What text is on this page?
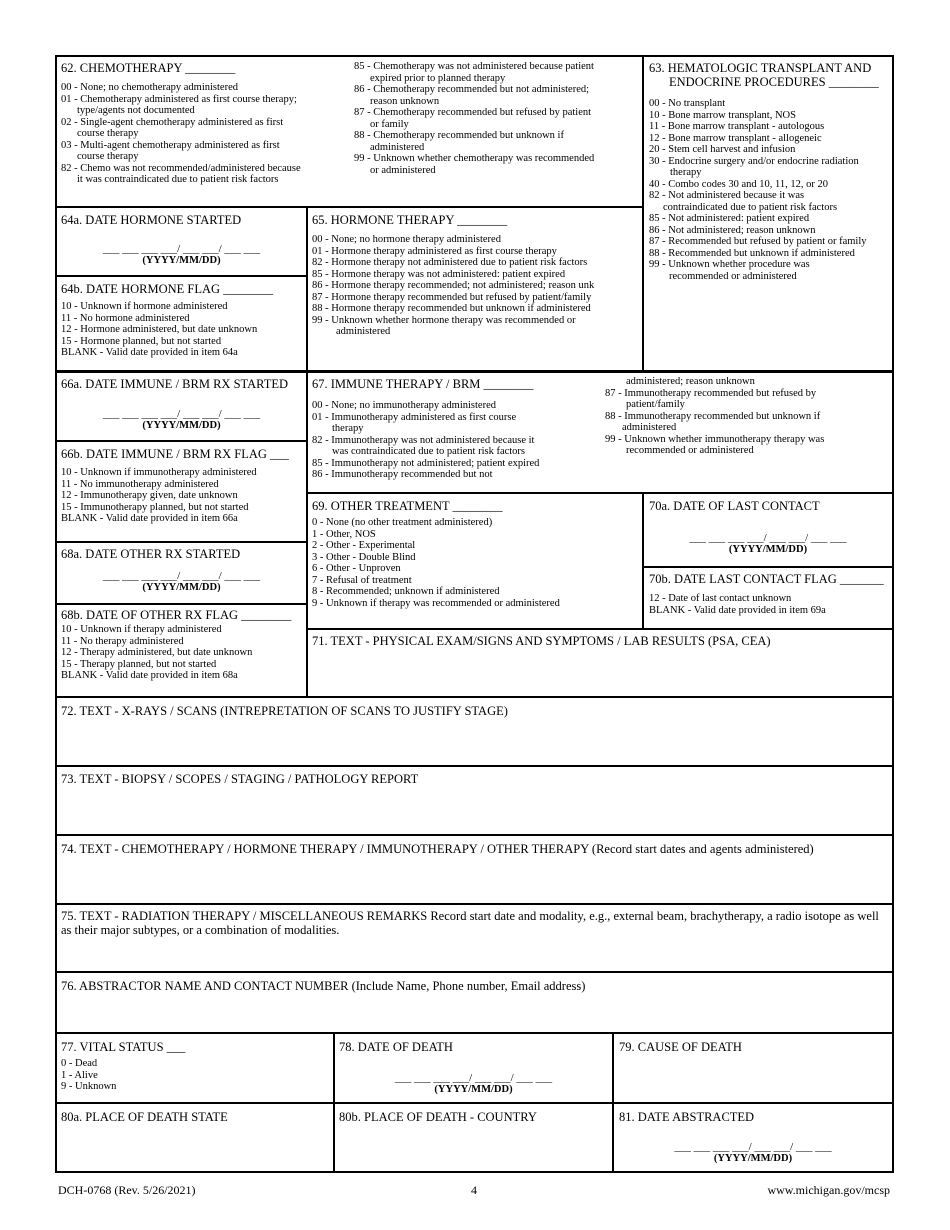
62. CHEMOTHERAPY ________
00 - None; no chemotherapy administered
01 - Chemotherapy administered as first course therapy;
type/agents not documented
02 - Single-agent chemotherapy administered as first
course therapy
03 - Multi-agent chemotherapy administered as first
course therapy
82 - Chemo was not recommended/administered because
it was contraindicated due to patient risk factors
85 - Chemotherapy was not administered because patient
expired prior to planned therapy
86 - Chemotherapy recommended but not administered;
reason unknown
87 - Chemotherapy recommended but refused by patient
or family
88 - Chemotherapy recommended but unknown if
administered
99 - Unknown whether chemotherapy was recommended
or administered
63. HEMATOLOGIC TRANSPLANT AND
ENDOCRINE PROCEDURES ________
00 - No transplant
10 - Bone marrow transplant, NOS
11 - Bone marrow transplant - autologous
12 - Bone marrow transplant - allogeneic
20 - Stem cell harvest and infusion
30 - Endocrine surgery and/or endocrine radiation
therapy
40 - Combo codes 30 and 10, 11, 12, or 20
82 - Not administered because it was
contraindicated due to patient risk factors
85 - Not administered: patient expired
86 - Not administered; reason unknown
87 - Recommended but refused by patient or family
88 - Recommended but unknown if administered
99 - Unknown whether procedure was
recommended or administered
64a. DATE HORMONE STARTED
___ ___ ___ ___/ ___ ___/ ___ ___
(YYYY/MM/DD)
64b. DATE HORMONE FLAG ________
10 - Unknown if hormone administered
11 - No hormone administered
12 - Hormone administered, but date unknown
15 - Hormone planned, but not started
BLANK - Valid date provided in item 64a
65. HORMONE THERAPY ________
00 - None; no hormone therapy administered
01 - Hormone therapy administered as first course therapy
82 - Hormone therapy not administered due to patient risk factors
85 - Hormone therapy was not administered: patient expired
86 - Hormone therapy recommended; not administered; reason unk
87 - Hormone therapy recommended but refused by patient/family
88 - Hormone therapy recommended but unknown if administered
99 - Unknown whether hormone therapy was recommended or
administered
66a. DATE IMMUNE / BRM RX STARTED
___ ___ ___ ___/ ___ ___/ ___ ___
(YYYY/MM/DD)
66b. DATE IMMUNE / BRM RX FLAG ___
10 - Unknown if immunotherapy administered
11 - No immunotherapy administered
12 - Immunotherapy given, date unknown
15 - Immunotherapy planned, but not started
BLANK - Valid date provided in item 66a
67. IMMUNE THERAPY / BRM ________
00 - None; no immunotherapy administered
01 - Immunotherapy administered as first course
therapy
82 - Immunotherapy was not administered because it
was contraindicated due to patient risk factors
85 - Immunotherapy not administered; patient expired
86 - Immunotherapy recommended but not
administered; reason unknown
87 - Immunotherapy recommended but refused by
patient/family
88 - Immunotherapy recommended but unknown if
administered
99 - Unknown whether immunotherapy therapy was
recommended or administered
68a. DATE OTHER RX STARTED
___ ___ ___ ___/ ___ ___/ ___ ___
(YYYY/MM/DD)
68b. DATE OF OTHER RX FLAG ________
10 - Unknown if therapy administered
11 - No therapy administered
12 - Therapy administered, but date unknown
15 - Therapy planned, but not started
BLANK - Valid date provided in item 68a
69. OTHER TREATMENT ________
0 - None (no other treatment administered)
1 - Other, NOS
2 - Other - Experimental
3 - Other - Double Blind
6 - Other - Unproven
7 - Refusal of treatment
8 - Recommended; unknown if administered
9 - Unknown if therapy was recommended or administered
70a. DATE OF LAST CONTACT
___ ___ ___ ___/ ___ ___/ ___ ___
(YYYY/MM/DD)
70b. DATE LAST CONTACT FLAG _______
12 - Date of last contact unknown
BLANK - Valid date provided in item 69a
71. TEXT - PHYSICAL EXAM/SIGNS AND SYMPTOMS / LAB RESULTS (PSA, CEA)
72. TEXT - X-RAYS / SCANS (INTREPRETATION OF SCANS TO JUSTIFY STAGE)
73. TEXT - BIOPSY / SCOPES / STAGING / PATHOLOGY REPORT
74. TEXT - CHEMOTHERAPY / HORMONE THERAPY / IMMUNOTHERAPY / OTHER THERAPY (Record start dates and agents administered)
75. TEXT - RADIATION THERAPY / MISCELLANEOUS REMARKS Record start date and modality, e.g., external beam, brachytherapy, a radio isotope as well as their major subtypes, or a combination of modalities.
76. ABSTRACTOR NAME AND CONTACT NUMBER (Include Name, Phone number, Email address)
77. VITAL STATUS ___
0 - Dead
1 - Alive
9 - Unknown
78. DATE OF DEATH
___ ___ ___ ___/ ___ ___/ ___ ___
(YYYY/MM/DD)
79. CAUSE OF DEATH
80a. PLACE OF DEATH STATE	80b. PLACE OF DEATH - COUNTRY	81. DATE ABSTRACTED
___ ___ ___ ___/ ___ ___/ ___ ___
(YYYY/MM/DD)
DCH-0768 (Rev. 5/26/2021)	4	www.michigan.gov/mcsp
